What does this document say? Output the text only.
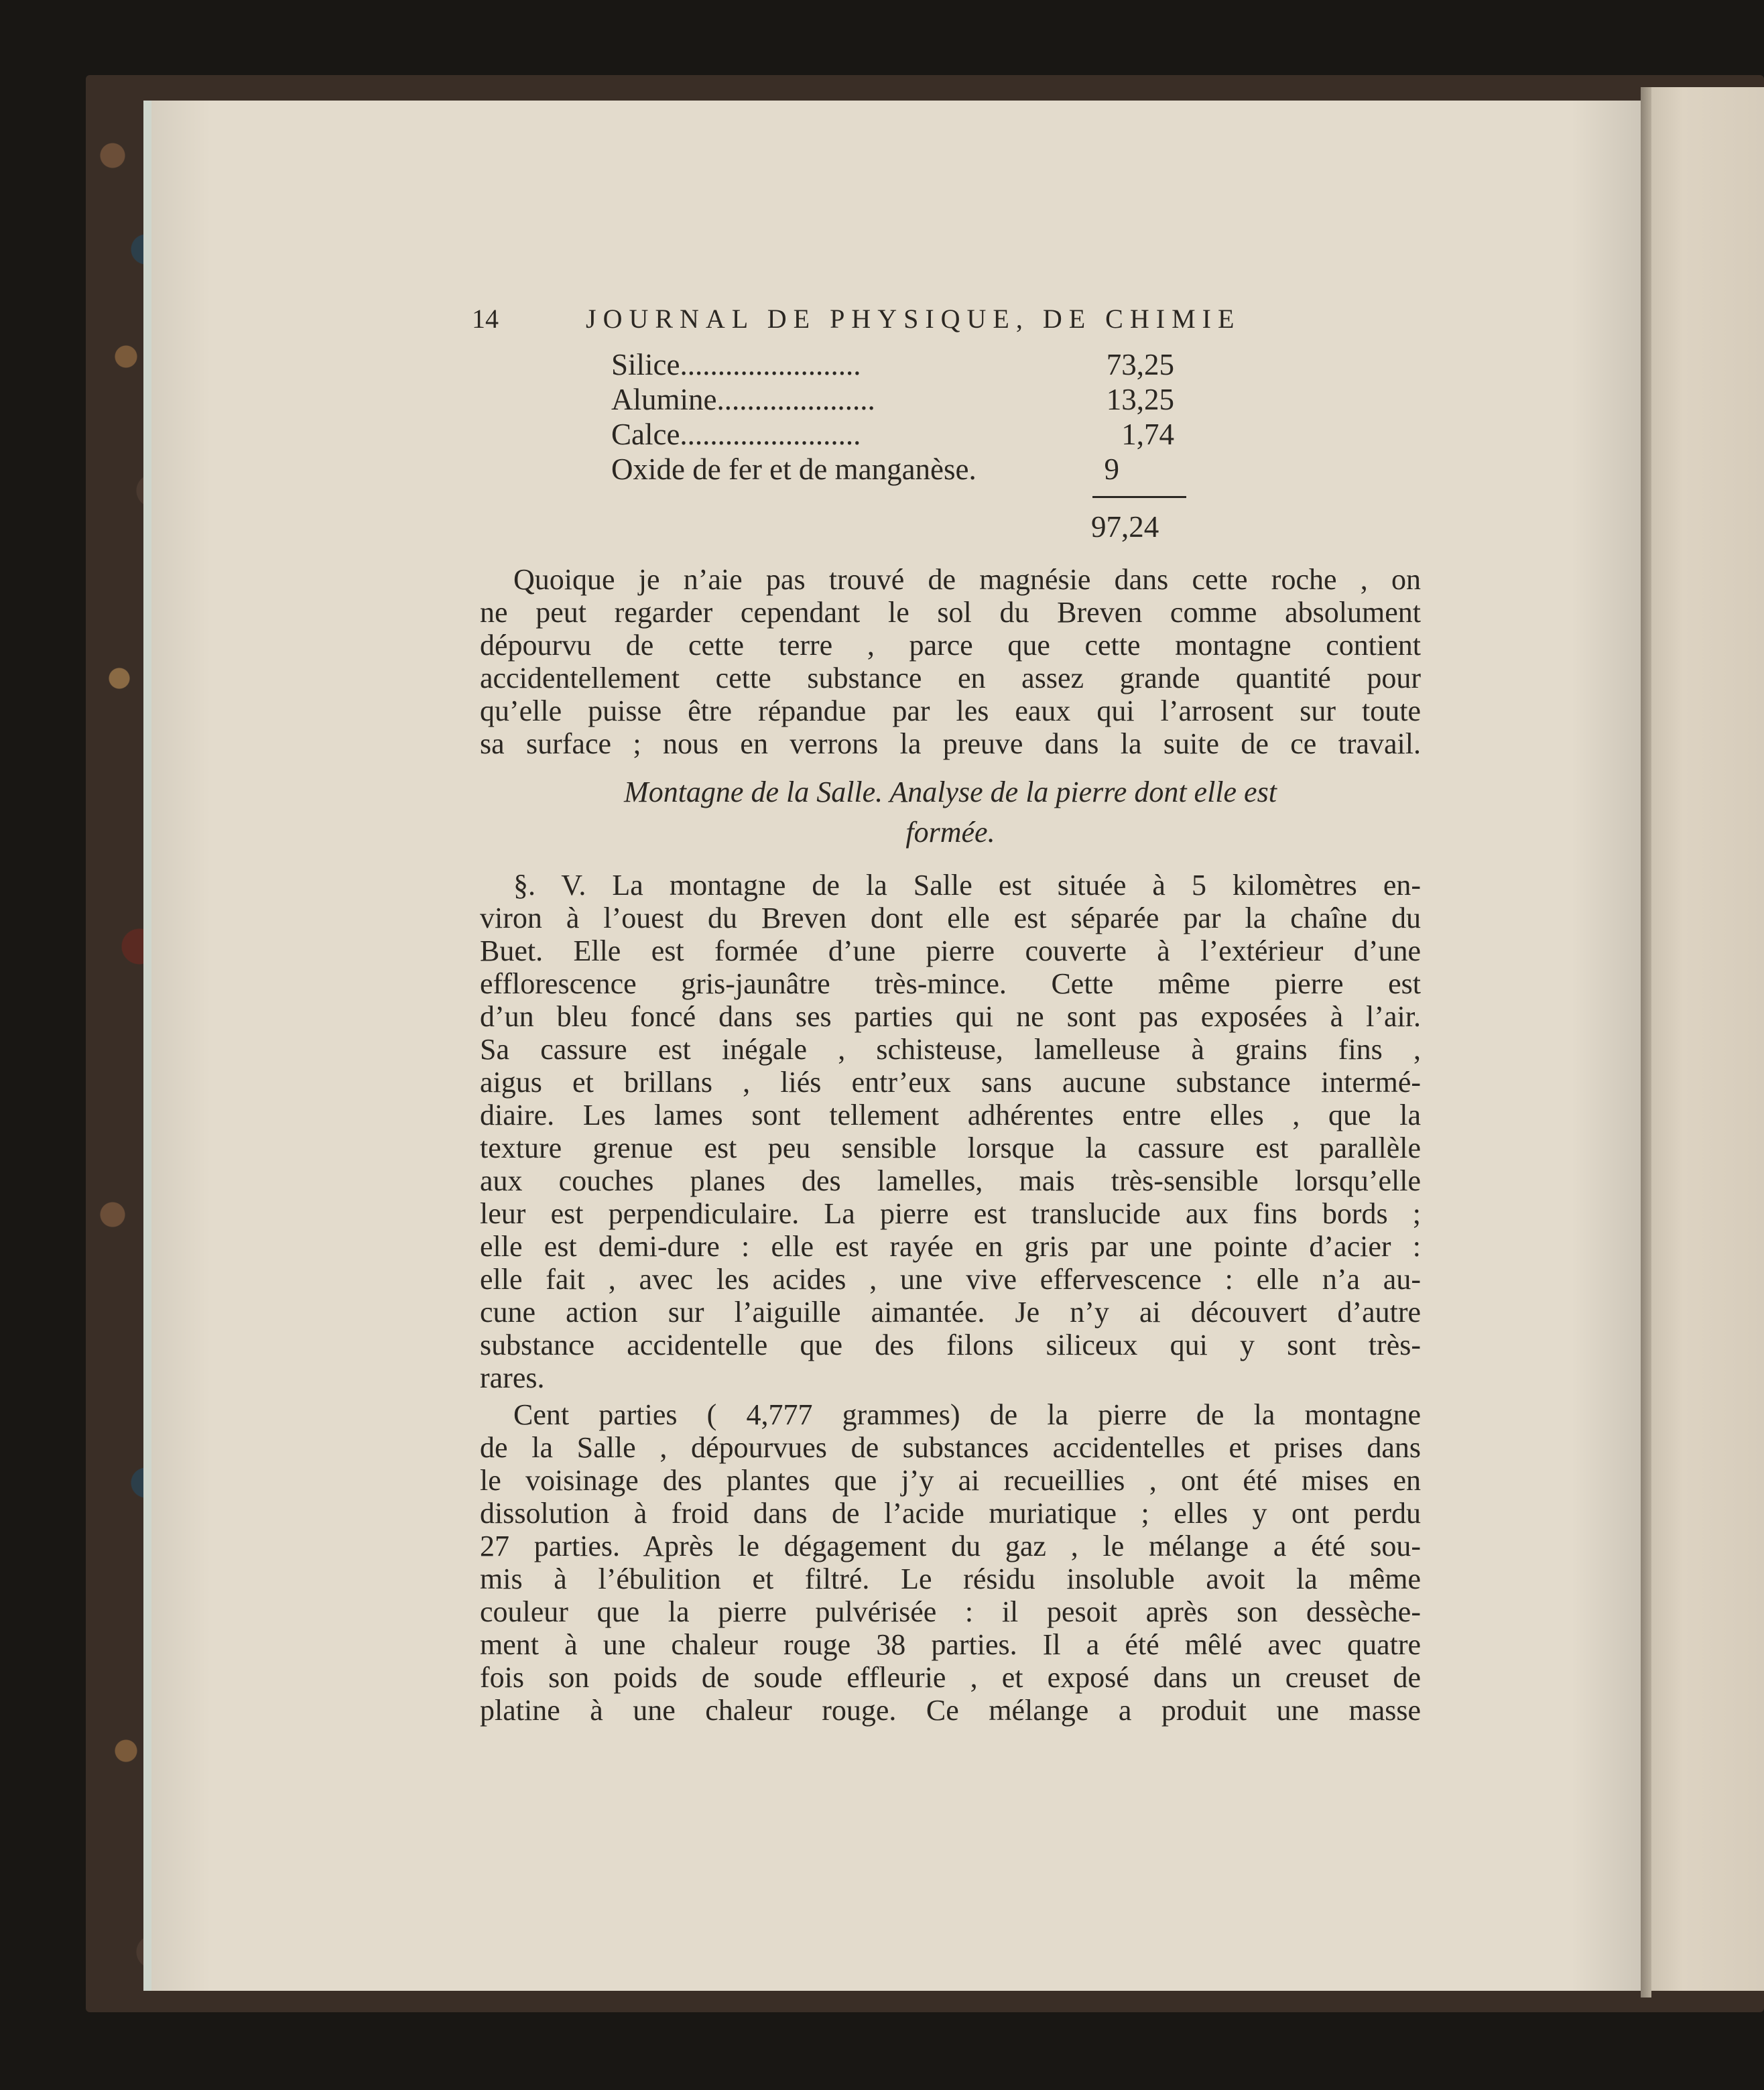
14	JOURNAL DE PHYSIQUE, DE CHIMIE
Silice........................	73,25
Alumine.....................	13,25
Calce........................	1,74
Oxide de fer et de manganèse.	9
97,24

Quoique je n’aie pas trouvé de magnésie dans cette roche , on
ne peut regarder cependant le sol du Breven comme absolument
dépourvu de cette terre , parce que cette montagne contient
accidentellement cette substance en assez grande quantité pour
qu’elle puisse être répandue par les eaux qui l’arrosent sur toute
sa surface ; nous en verrons la preuve dans la suite de ce travail.

Montagne de la Salle. Analyse de la pierre dont elle est
formée.

§. V. La montagne de la Salle est située à 5 kilomètres en-
viron à l’ouest du Breven dont elle est séparée par la chaîne du
Buet. Elle est formée d’une pierre couverte à l’extérieur d’une
efflorescence gris-jaunâtre très-mince. Cette même pierre est
d’un bleu foncé dans ses parties qui ne sont pas exposées à l’air.
Sa cassure est inégale , schisteuse, lamelleuse à grains fins ,
aigus et brillans , liés entr’eux sans aucune substance intermé-
diaire. Les lames sont tellement adhérentes entre elles , que la
texture grenue est peu sensible lorsque la cassure est parallèle
aux couches planes des lamelles, mais très-sensible lorsqu’elle
leur est perpendiculaire. La pierre est translucide aux fins bords ;
elle est demi-dure : elle est rayée en gris par une pointe d’acier :
elle fait , avec les acides , une vive effervescence : elle n’a au-
cune action sur l’aiguille aimantée. Je n’y ai découvert d’autre
substance accidentelle que des filons siliceux qui y sont très-
rares.

Cent parties ( 4,777 grammes) de la pierre de la montagne
de la Salle , dépourvues de substances accidentelles et prises dans
le voisinage des plantes que j’y ai recueillies , ont été mises en
dissolution à froid dans de l’acide muriatique ; elles y ont perdu
27 parties. Après le dégagement du gaz , le mélange a été sou-
mis à l’ébulition et filtré. Le résidu insoluble avoit la même
couleur que la pierre pulvérisée : il pesoit après son dessèche-
ment à une chaleur rouge 38 parties. Il a été mêlé avec quatre
fois son poids de soude effleurie , et exposé dans un creuset de
platine à une chaleur rouge. Ce mélange a produit une masse
